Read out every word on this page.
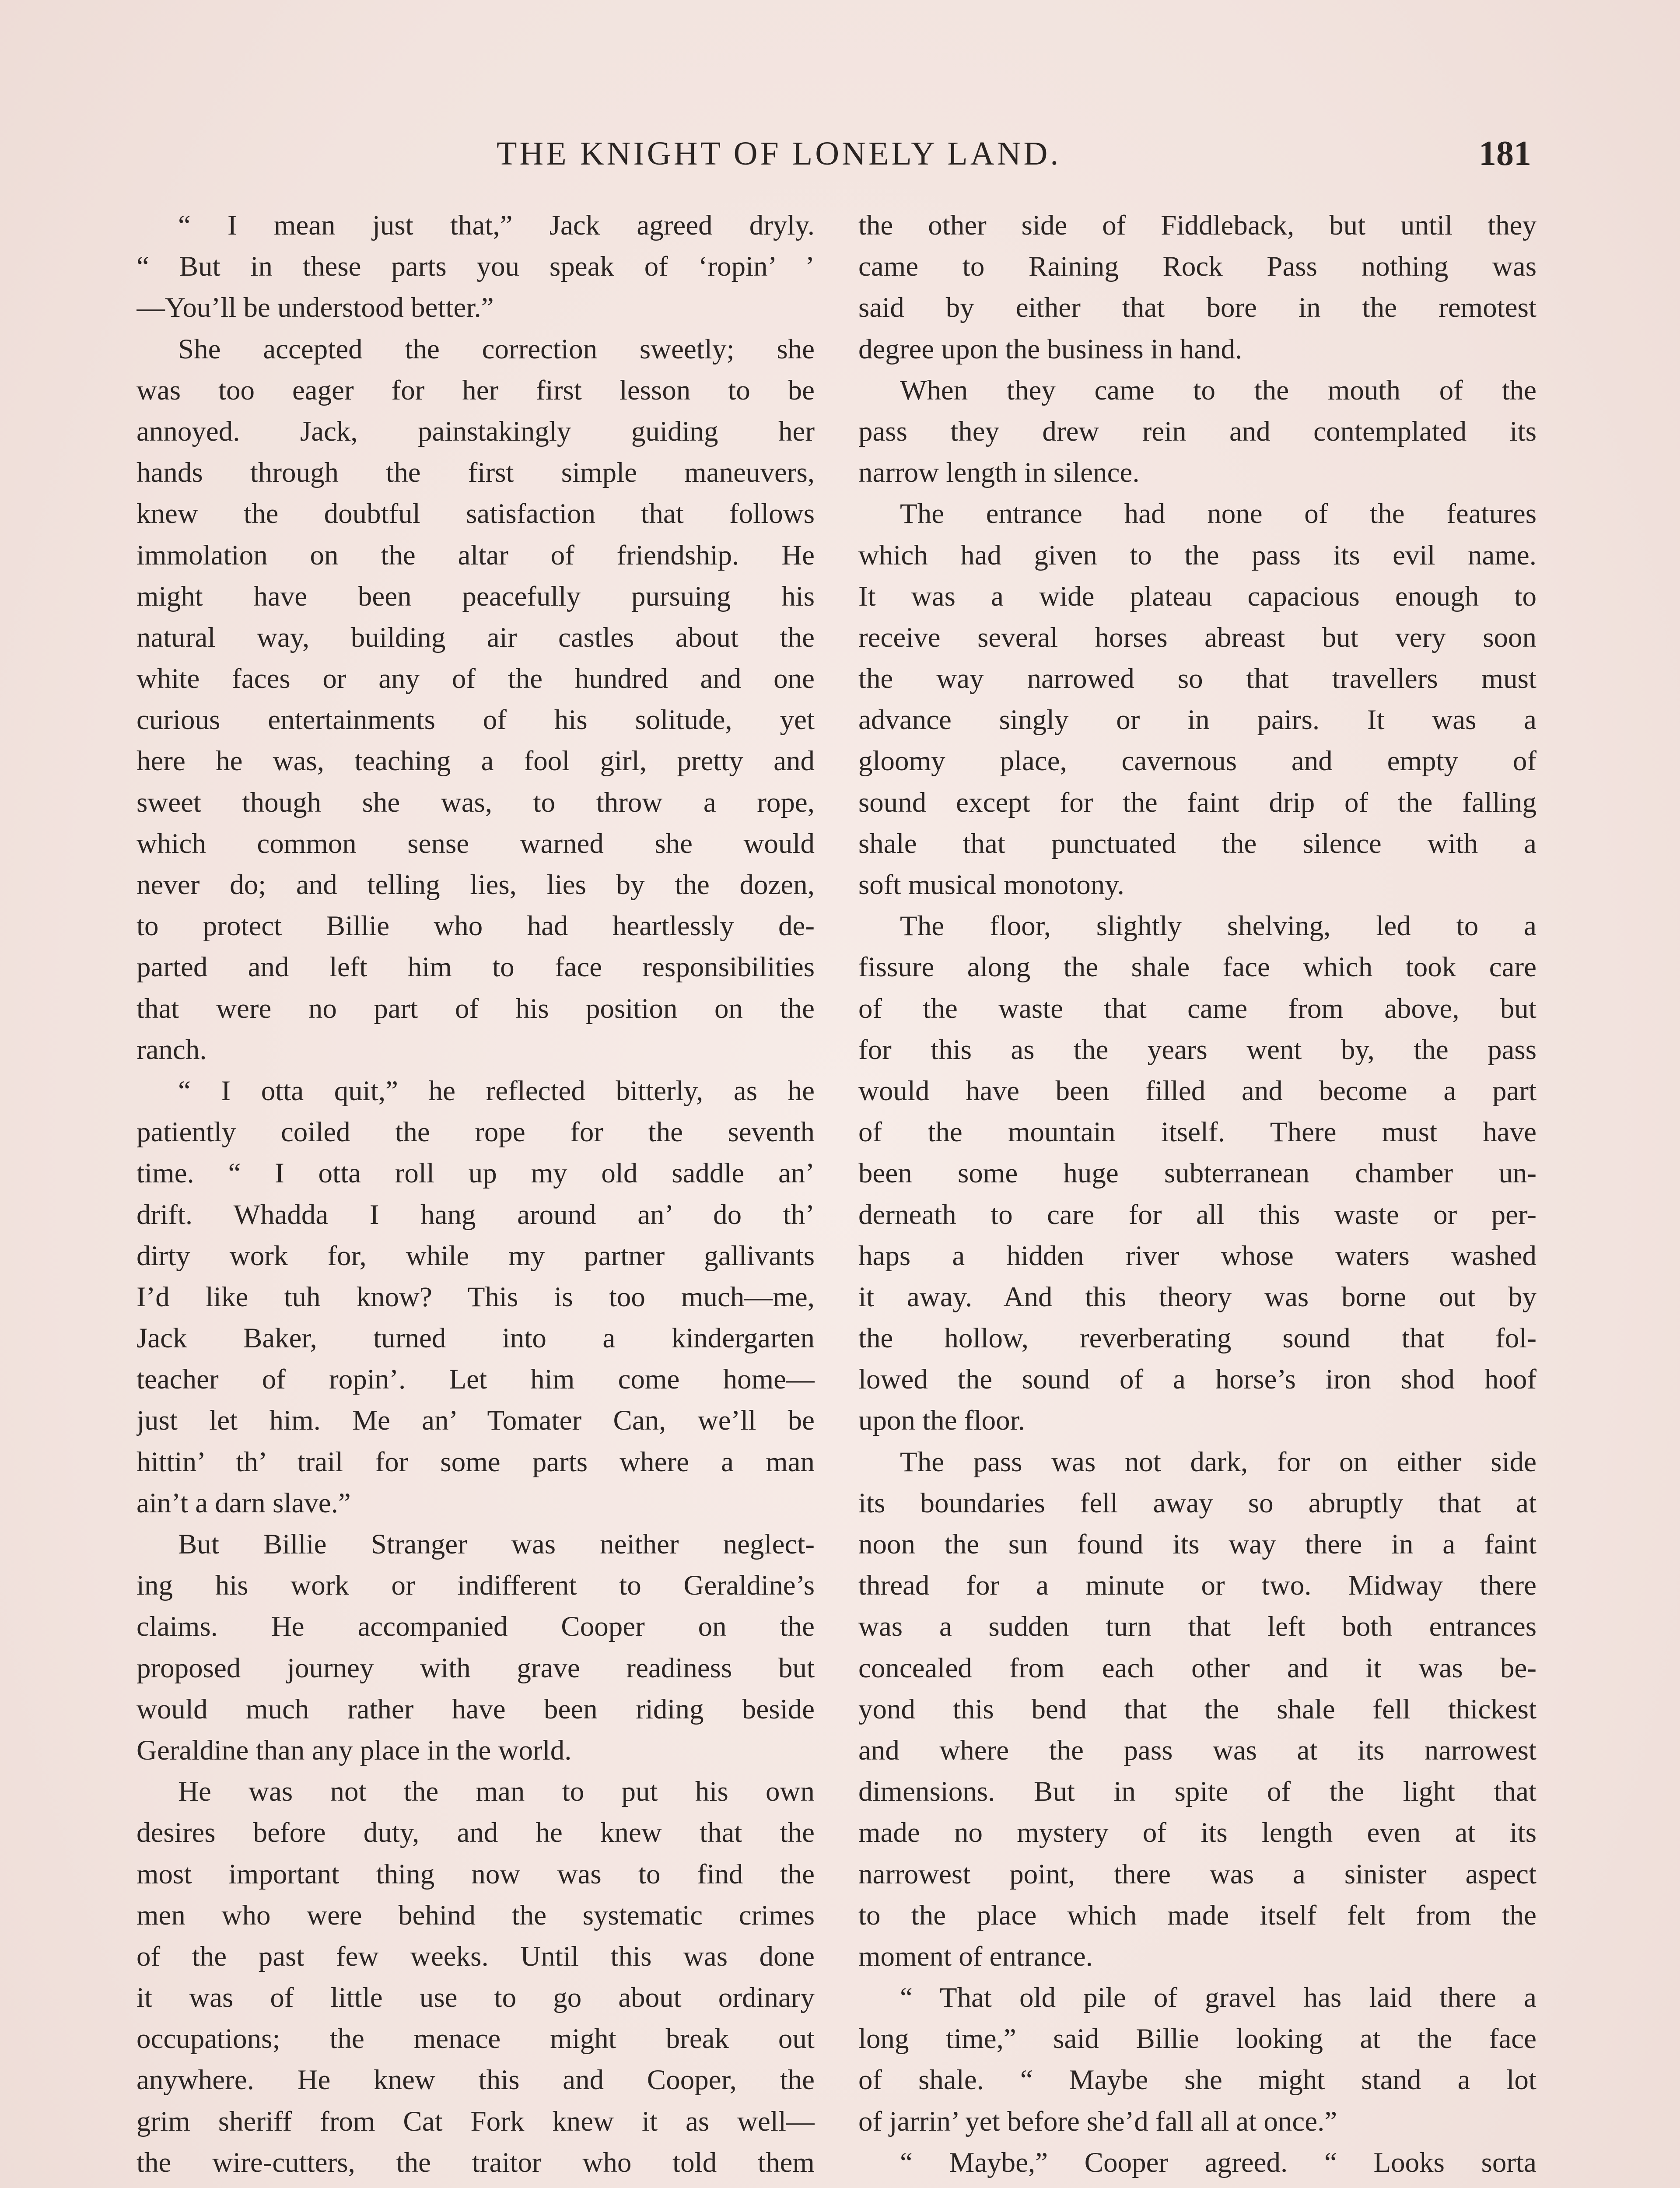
THE KNIGHT OF LONELY LAND.	181
“ I mean just that,” Jack agreed dryly.
“ But in these parts you speak of ‘ropin’ ’
—You’ll be understood better.”
She accepted the correction sweetly; she
was too eager for her first lesson to be
annoyed. Jack, painstakingly guiding her
hands through the first simple maneuvers,
knew the doubtful satisfaction that follows
immolation on the altar of friendship. He
might have been peacefully pursuing his
natural way, building air castles about the
white faces or any of the hundred and one
curious entertainments of his solitude, yet
here he was, teaching a fool girl, pretty and
sweet though she was, to throw a rope,
which common sense warned she would
never do; and telling lies, lies by the dozen,
to protect Billie who had heartlessly de-
parted and left him to face responsibilities
that were no part of his position on the
ranch.
“ I otta quit,” he reflected bitterly, as he
patiently coiled the rope for the seventh
time. “ I otta roll up my old saddle an’
drift. Whadda I hang around an’ do th’
dirty work for, while my partner gallivants
I’d like tuh know? This is too much—me,
Jack Baker, turned into a kindergarten
teacher of ropin’. Let him come home—
just let him. Me an’ Tomater Can, we’ll be
hittin’ th’ trail for some parts where a man
ain’t a darn slave.”
But Billie Stranger was neither neglect-
ing his work or indifferent to Geraldine’s
claims. He accompanied Cooper on the
proposed journey with grave readiness but
would much rather have been riding beside
Geraldine than any place in the world.
He was not the man to put his own
desires before duty, and he knew that the
most important thing now was to find the
men who were behind the systematic crimes
of the past few weeks. Until this was done
it was of little use to go about ordinary
occupations; the menace might break out
anywhere. He knew this and Cooper, the
grim sheriff from Cat Fork knew it as well—
the wire-cutters, the traitor who told them
the other side of Fiddleback, but until they
came to Raining Rock Pass nothing was
said by either that bore in the remotest
degree upon the business in hand.
When they came to the mouth of the
pass they drew rein and contemplated its
narrow length in silence.
The entrance had none of the features
which had given to the pass its evil name.
It was a wide plateau capacious enough to
receive several horses abreast but very soon
the way narrowed so that travellers must
advance singly or in pairs. It was a
gloomy place, cavernous and empty of
sound except for the faint drip of the falling
shale that punctuated the silence with a
soft musical monotony.
The floor, slightly shelving, led to a
fissure along the shale face which took care
of the waste that came from above, but
for this as the years went by, the pass
would have been filled and become a part
of the mountain itself. There must have
been some huge subterranean chamber un-
derneath to care for all this waste or per-
haps a hidden river whose waters washed
it away. And this theory was borne out by
the hollow, reverberating sound that fol-
lowed the sound of a horse’s iron shod hoof
upon the floor.
The pass was not dark, for on either side
its boundaries fell away so abruptly that at
noon the sun found its way there in a faint
thread for a minute or two. Midway there
was a sudden turn that left both entrances
concealed from each other and it was be-
yond this bend that the shale fell thickest
and where the pass was at its narrowest
dimensions. But in spite of the light that
made no mystery of its length even at its
narrowest point, there was a sinister aspect
to the place which made itself felt from the
moment of entrance.
“ That old pile of gravel has laid there a
long time,” said Billie looking at the face
of shale. “ Maybe she might stand a lot
of jarrin’ yet before she’d fall all at once.”
“ Maybe,” Cooper agreed. “ Looks sorta
